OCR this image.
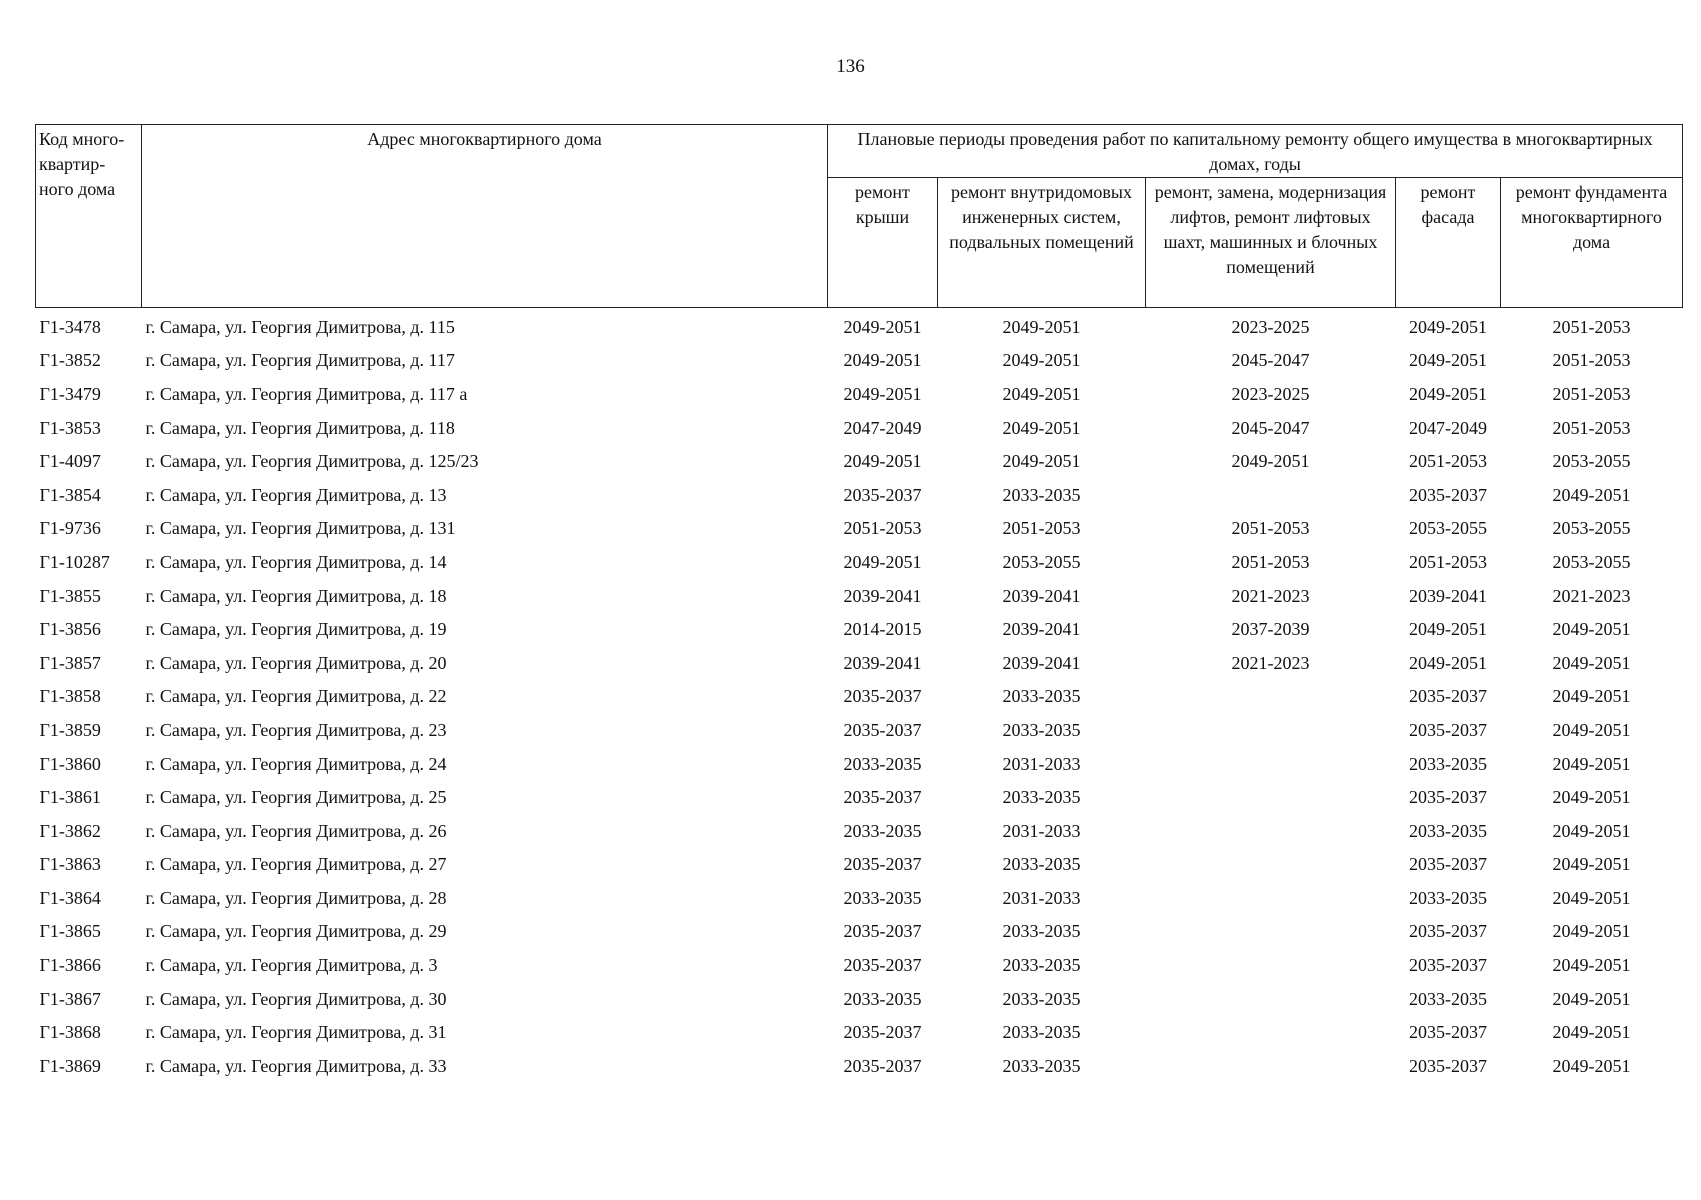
136
Код много-квартир-ного дома	Адрес многоквартирного дома	Плановые периоды проведения работ по капитальному ремонту общего имущества в многоквартирных домах, годы				
		ремонт крыши	ремонт внутридомовых инженерных систем, подвальных помещений	ремонт, замена, модернизация лифтов, ремонт лифтовых шахт, машинных и блочных помещений	ремонт фасада	ремонт фундамента многоквартирного дома
Г1-3478	г. Самара, ул. Георгия Димитрова, д. 115	2049-2051	2049-2051	2023-2025	2049-2051	2051-2053
Г1-3852	г. Самара, ул. Георгия Димитрова, д. 117	2049-2051	2049-2051	2045-2047	2049-2051	2051-2053
Г1-3479	г. Самара, ул. Георгия Димитрова, д. 117 а	2049-2051	2049-2051	2023-2025	2049-2051	2051-2053
Г1-3853	г. Самара, ул. Георгия Димитрова, д. 118	2047-2049	2049-2051	2045-2047	2047-2049	2051-2053
Г1-4097	г. Самара, ул. Георгия Димитрова, д. 125/23	2049-2051	2049-2051	2049-2051	2051-2053	2053-2055
Г1-3854	г. Самара, ул. Георгия Димитрова, д. 13	2035-2037	2033-2035		2035-2037	2049-2051
Г1-9736	г. Самара, ул. Георгия Димитрова, д. 131	2051-2053	2051-2053	2051-2053	2053-2055	2053-2055
Г1-10287	г. Самара, ул. Георгия Димитрова, д. 14	2049-2051	2053-2055	2051-2053	2051-2053	2053-2055
Г1-3855	г. Самара, ул. Георгия Димитрова, д. 18	2039-2041	2039-2041	2021-2023	2039-2041	2021-2023
Г1-3856	г. Самара, ул. Георгия Димитрова, д. 19	2014-2015	2039-2041	2037-2039	2049-2051	2049-2051
Г1-3857	г. Самара, ул. Георгия Димитрова, д. 20	2039-2041	2039-2041	2021-2023	2049-2051	2049-2051
Г1-3858	г. Самара, ул. Георгия Димитрова, д. 22	2035-2037	2033-2035		2035-2037	2049-2051
Г1-3859	г. Самара, ул. Георгия Димитрова, д. 23	2035-2037	2033-2035		2035-2037	2049-2051
Г1-3860	г. Самара, ул. Георгия Димитрова, д. 24	2033-2035	2031-2033		2033-2035	2049-2051
Г1-3861	г. Самара, ул. Георгия Димитрова, д. 25	2035-2037	2033-2035		2035-2037	2049-2051
Г1-3862	г. Самара, ул. Георгия Димитрова, д. 26	2033-2035	2031-2033		2033-2035	2049-2051
Г1-3863	г. Самара, ул. Георгия Димитрова, д. 27	2035-2037	2033-2035		2035-2037	2049-2051
Г1-3864	г. Самара, ул. Георгия Димитрова, д. 28	2033-2035	2031-2033		2033-2035	2049-2051
Г1-3865	г. Самара, ул. Георгия Димитрова, д. 29	2035-2037	2033-2035		2035-2037	2049-2051
Г1-3866	г. Самара, ул. Георгия Димитрова, д. 3	2035-2037	2033-2035		2035-2037	2049-2051
Г1-3867	г. Самара, ул. Георгия Димитрова, д. 30	2033-2035	2033-2035		2033-2035	2049-2051
Г1-3868	г. Самара, ул. Георгия Димитрова, д. 31	2035-2037	2033-2035		2035-2037	2049-2051
Г1-3869	г. Самара, ул. Георгия Димитрова, д. 33	2035-2037	2033-2035		2035-2037	2049-2051
